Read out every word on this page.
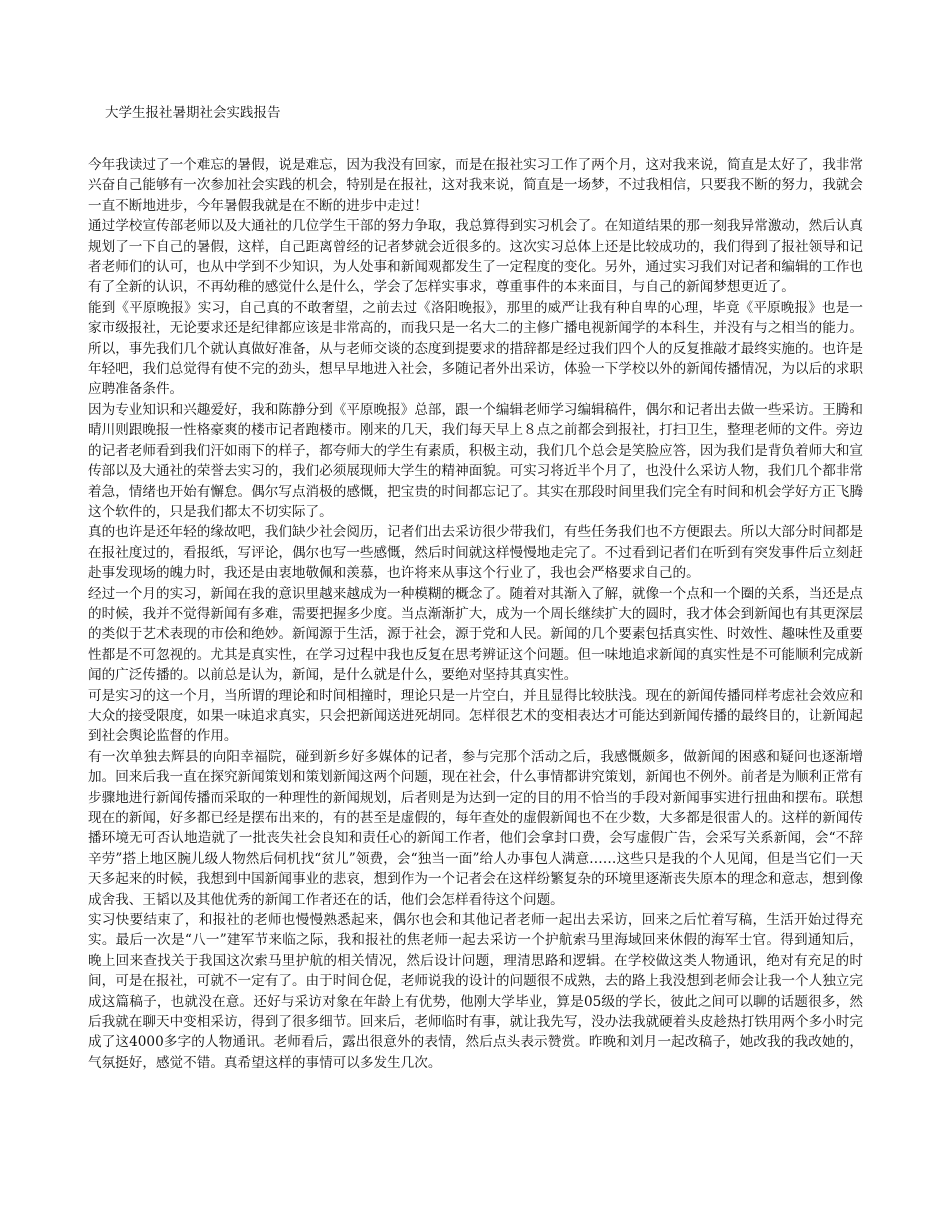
大学生报社暑期社会实践报告

今年我读过了一个难忘的暑假，说是难忘，因为我没有回家，而是在报社实习工作了两个月，这对我来说，简直是太好了，我非常兴奋自己能够有一次参加社会实践的机会，特别是在报社，这对我来说，简直是一场梦，不过我相信，只要我不断的努力，我就会一直不断地进步，今年暑假我就是在不断的进步中走过！

通过学校宣传部老师以及大通社的几位学生干部的努力争取，我总算得到实习机会了。在知道结果的那一刻我异常激动，然后认真规划了一下自己的暑假，这样，自己距离曾经的记者梦就会近很多的。这次实习总体上还是比较成功的，我们得到了报社领导和记者老师们的认可，也从中学到不少知识，为人处事和新闻观都发生了一定程度的变化。另外，通过实习我们对记者和编辑的工作也有了全新的认识，不再幼稚的感觉什么是什么，学会了怎样实事求，尊重事件的本来面目，与自己的新闻梦想更近了。

能到《平原晚报》实习，自己真的不敢奢望，之前去过《洛阳晚报》，那里的威严让我有种自卑的心理，毕竟《平原晚报》也是一家市级报社，无论要求还是纪律都应该是非常高的，而我只是一名大二的主修广播电视新闻学的本科生，并没有与之相当的能力。所以，事先我们几个就认真做好准备，从与老师交谈的态度到提要求的措辞都是经过我们四个人的反复推敲才最终实施的。也许是年轻吧，我们总觉得有使不完的劲头，想早早地进入社会，多随记者外出采访，体验一下学校以外的新闻传播情况，为以后的求职应聘准备条件。

因为专业知识和兴趣爱好，我和陈静分到《平原晚报》总部，跟一个编辑老师学习编辑稿件，偶尔和记者出去做一些采访。王腾和晴川则跟晚报一性格豪爽的楼市记者跑楼市。刚来的几天，我们每天早上８点之前都会到报社，打扫卫生，整理老师的文件。旁边的记者老师看到我们汗如雨下的样子，都夸师大的学生有素质，积极主动，我们几个总会是笑脸应答，因为我们是背负着师大和宣传部以及大通社的荣誉去实习的，我们必须展现师大学生的精神面貌。可实习将近半个月了，也没什么采访人物，我们几个都非常着急，情绪也开始有懈怠。偶尔写点消极的感慨，把宝贵的时间都忘记了。其实在那段时间里我们完全有时间和机会学好方正飞腾这个软件的，只是我们都太不切实际了。

真的也许是还年轻的缘故吧，我们缺少社会阅历，记者们出去采访很少带我们，有些任务我们也不方便跟去。所以大部分时间都是在报社度过的，看报纸，写评论，偶尔也写一些感慨，然后时间就这样慢慢地走完了。不过看到记者们在听到有突发事件后立刻赶赴事发现场的魄力时，我还是由衷地敬佩和羡慕，也许将来从事这个行业了，我也会严格要求自己的。

经过一个月的实习，新闻在我的意识里越来越成为一种模糊的概念了。随着对其渐入了解，就像一个点和一个圈的关系，当还是点的时候，我并不觉得新闻有多难，需要把握多少度。当点渐渐扩大，成为一个周长继续扩大的圆时，我才体会到新闻也有其更深层的类似于艺术表现的市侩和绝妙。新闻源于生活，源于社会，源于党和人民。新闻的几个要素包括真实性、时效性、趣味性及重要性都是不可忽视的。尤其是真实性，在学习过程中我也反复在思考辨证这个问题。但一味地追求新闻的真实性是不可能顺利完成新闻的广泛传播的。以前总是认为，新闻，是什么就是什么，要绝对坚持其真实性。

可是实习的这一个月，当所谓的理论和时间相撞时，理论只是一片空白，并且显得比较肤浅。现在的新闻传播同样考虑社会效应和大众的接受限度，如果一味追求真实，只会把新闻送进死胡同。怎样很艺术的变相表达才可能达到新闻传播的最终目的，让新闻起到社会舆论监督的作用。

有一次单独去辉县的向阳幸福院，碰到新乡好多媒体的记者，参与完那个活动之后，我感慨颇多，做新闻的困惑和疑问也逐渐增加。回来后我一直在探究新闻策划和策划新闻这两个问题，现在社会，什么事情都讲究策划，新闻也不例外。前者是为顺利正常有步骤地进行新闻传播而采取的一种理性的新闻规划，后者则是为达到一定的目的用不恰当的手段对新闻事实进行扭曲和摆布。联想现在的新闻，好多都已经是摆布出来的，有的甚至是虚假的，每年查处的虚假新闻也不在少数，大多都是很雷人的。这样的新闻传播环境无可否认地造就了一批丧失社会良知和责任心的新闻工作者，他们会拿封口费，会写虚假广告，会采写关系新闻，会“不辞辛劳”搭上地区腕儿级人物然后伺机找“贫儿”领费，会“独当一面”给人办事包人满意……这些只是我的个人见闻，但是当它们一天天多起来的时候，我想到中国新闻事业的悲哀，想到作为一个记者会在这样纷繁复杂的环境里逐渐丧失原本的理念和意志，想到像成舍我、王韬以及其他优秀的新闻工作者还在的话，他们会怎样看待这个问题。

实习快要结束了，和报社的老师也慢慢熟悉起来，偶尔也会和其他记者老师一起出去采访，回来之后忙着写稿，生活开始过得充实。最后一次是“八一”建军节来临之际，我和报社的焦老师一起去采访一个护航索马里海域回来休假的海军士官。得到通知后，晚上回来查找关于我国这次索马里护航的相关情况，然后设计问题，理清思路和逻辑。在学校做这类人物通讯，绝对有充足的时间，可是在报社，可就不一定有了。由于时间仓促，老师说我的设计的问题很不成熟，去的路上我没想到老师会让我一个人独立完成这篇稿子，也就没在意。还好与采访对象在年龄上有优势，他刚大学毕业，算是05级的学长，彼此之间可以聊的话题很多，然后我就在聊天中变相采访，得到了很多细节。回来后，老师临时有事，就让我先写，没办法我就硬着头皮趁热打铁用两个多小时完成了这4000多字的人物通讯。老师看后，露出很意外的表情，然后点头表示赞赏。昨晚和刘月一起改稿子，她改我的我改她的，气氛挺好，感觉不错。真希望这样的事情可以多发生几次。
